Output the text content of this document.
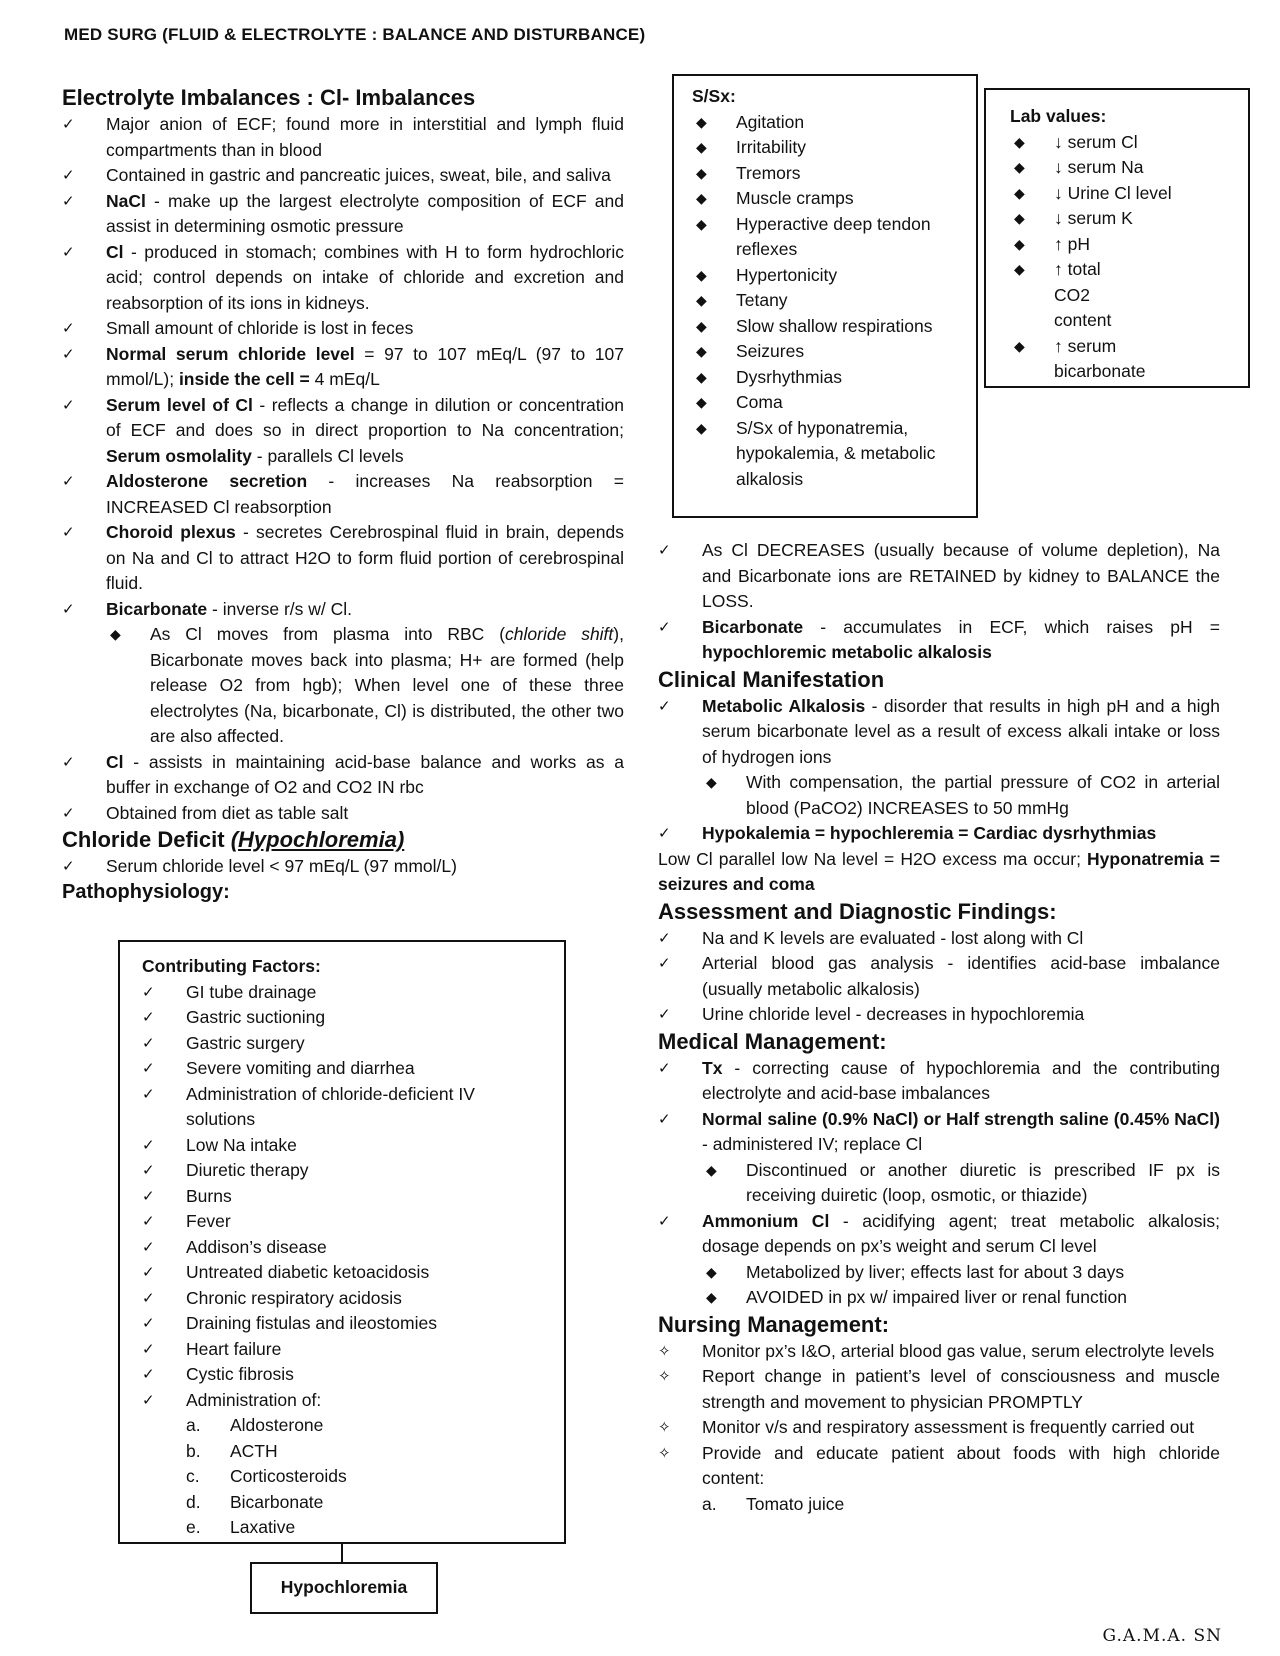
MED SURG (FLUID & ELECTROLYTE : BALANCE AND DISTURBANCE)
Electrolyte Imbalances : Cl- Imbalances
✓	Major anion of ECF; found more in interstitial and lymph fluid compartments than in blood
✓	Contained in gastric and pancreatic juices, sweat, bile, and saliva
✓	NaCl - make up the largest electrolyte composition of ECF and assist in determining osmotic pressure
✓	Cl - produced in stomach; combines with H to form hydrochloric acid; control depends on intake of chloride and excretion and reabsorption of its ions in kidneys.
✓	Small amount of chloride is lost in feces
✓	Normal serum chloride level = 97 to 107 mEq/L (97 to 107 mmol/L); inside the cell = 4 mEq/L
✓	Serum level of Cl - reflects a change in dilution or concentration of ECF and does so in direct proportion to Na concentration; Serum osmolality - parallels Cl levels
✓	Aldosterone secretion - increases Na reabsorption = INCREASED Cl reabsorption
✓	Choroid plexus - secretes Cerebrospinal fluid in brain, depends on Na and Cl to attract H2O to form fluid portion of cerebrospinal fluid.
✓	Bicarbonate - inverse r/s w/ Cl.
◆ As Cl moves from plasma into RBC (chloride shift), Bicarbonate moves back into plasma; H+ are formed (help release O2 from hgb); When level one of these three electrolytes (Na, bicarbonate, Cl) is distributed, the other two are also affected.
✓	Cl - assists in maintaining acid-base balance and works as a buffer in exchange of O2 and CO2 IN rbc
✓	Obtained from diet as table salt
Chloride Deficit (Hypochloremia)
✓	Serum chloride level < 97 mEq/L (97 mmol/L)
Pathophysiology:
Contributing Factors:
✓	GI tube drainage
✓	Gastric suctioning
✓	Gastric surgery
✓	Severe vomiting and diarrhea
✓	Administration of chloride-deficient IV solutions
✓	Low Na intake
✓	Diuretic therapy
✓	Burns
✓	Fever
✓	Addison’s disease
✓	Untreated diabetic ketoacidosis
✓	Chronic respiratory acidosis
✓	Draining fistulas and ileostomies
✓	Heart failure
✓	Cystic fibrosis
✓	Administration of:
a. Aldosterone
b. ACTH
c. Corticosteroids
d. Bicarbonate
e. Laxative
Hypochloremia
S/Sx:
◆ Agitation
◆ Irritability
◆ Tremors
◆ Muscle cramps
◆ Hyperactive deep tendon reflexes
◆ Hypertonicity
◆ Tetany
◆ Slow shallow respirations
◆ Seizures
◆ Dysrhythmias
◆ Coma
◆ S/Sx of hyponatremia, hypokalemia, & metabolic alkalosis
Lab values:
◆ ↓ serum Cl
◆ ↓ serum Na
◆ ↓ Urine Cl level
◆ ↓ serum K
◆ ↑ pH
◆ ↑ total CO2 content
◆ ↑ serum bicarbonate
✓	As Cl DECREASES (usually because of volume depletion), Na and Bicarbonate ions are RETAINED by kidney to BALANCE the LOSS.
✓	Bicarbonate - accumulates in ECF, which raises pH = hypochloremic metabolic alkalosis
Clinical Manifestation
✓	Metabolic Alkalosis - disorder that results in high pH and a high serum bicarbonate level as a result of excess alkali intake or loss of hydrogen ions
◆ With compensation, the partial pressure of CO2 in arterial blood (PaCO2) INCREASES to 50 mmHg
✓	Hypokalemia = hypochleremia = Cardiac dysrhythmias
Low Cl parallel low Na level = H2O excess ma occur; Hyponatremia = seizures and coma
Assessment and Diagnostic Findings:
✓	Na and K levels are evaluated - lost along with Cl
✓	Arterial blood gas analysis - identifies acid-base imbalance (usually metabolic alkalosis)
✓	Urine chloride level - decreases in hypochloremia
Medical Management:
✓	Tx - correcting cause of hypochloremia and the contributing electrolyte and acid-base imbalances
✓	Normal saline (0.9% NaCl) or Half strength saline (0.45% NaCl) - administered IV; replace Cl
◆ Discontinued or another diuretic is prescribed IF px is receiving duiretic (loop, osmotic, or thiazide)
✓	Ammonium Cl - acidifying agent; treat metabolic alkalosis; dosage depends on px’s weight and serum Cl level
◆ Metabolized by liver; effects last for about 3 days
◆ AVOIDED in px w/ impaired liver or renal function
Nursing Management:
✧	Monitor px’s I&O, arterial blood gas value, serum electrolyte levels
✧	Report change in patient’s level of consciousness and muscle strength and movement to physician PROMPTLY
✧	Monitor v/s and respiratory assessment is frequently carried out
✧	Provide and educate patient about foods with high chloride content:
a. Tomato juice
G.A.M.A. SN
